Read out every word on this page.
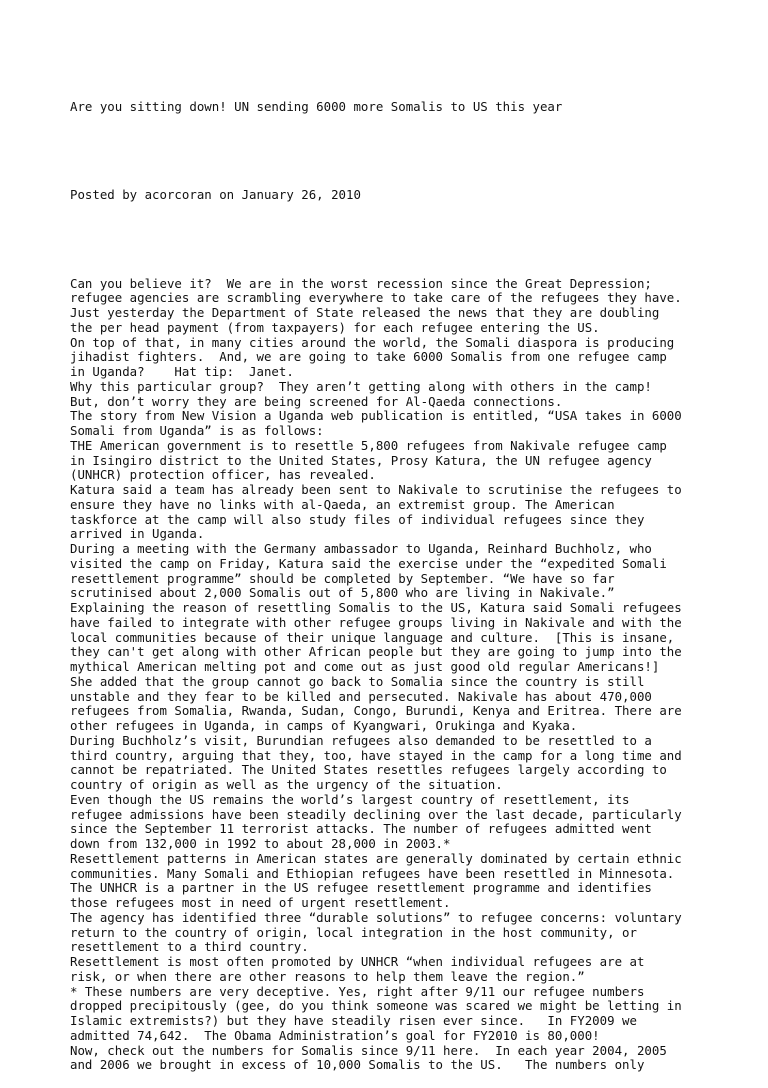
Are you sitting down! UN sending 6000 more Somalis to US this year

Posted by acorcoran on January 26, 2010

Can you believe it?  We are in the worst recession since the Great Depression;
refugee agencies are scrambling everywhere to take care of the refugees they have.
Just yesterday the Department of State released the news that they are doubling
the per head payment (from taxpayers) for each refugee entering the US.
On top of that, in many cities around the world, the Somali diaspora is producing
jihadist fighters.  And, we are going to take 6000 Somalis from one refugee camp
in Uganda?    Hat tip:  Janet.
Why this particular group?  They aren’t getting along with others in the camp!
But, don’t worry they are being screened for Al-Qaeda connections.
The story from New Vision a Uganda web publication is entitled, “USA takes in 6000
Somali from Uganda” is as follows:
THE American government is to resettle 5,800 refugees from Nakivale refugee camp
in Isingiro district to the United States, Prosy Katura, the UN refugee agency
(UNHCR) protection officer, has revealed.
Katura said a team has already been sent to Nakivale to scrutinise the refugees to
ensure they have no links with al-Qaeda, an extremist group. The American
taskforce at the camp will also study files of individual refugees since they
arrived in Uganda.
During a meeting with the Germany ambassador to Uganda, Reinhard Buchholz, who
visited the camp on Friday, Katura said the exercise under the “expedited Somali
resettlement programme” should be completed by September. “We have so far
scrutinised about 2,000 Somalis out of 5,800 who are living in Nakivale.”
Explaining the reason of resettling Somalis to the US, Katura said Somali refugees
have failed to integrate with other refugee groups living in Nakivale and with the
local communities because of their unique language and culture.  [This is insane,
they can't get along with other African people but they are going to jump into the
mythical American melting pot and come out as just good old regular Americans!]
She added that the group cannot go back to Somalia since the country is still
unstable and they fear to be killed and persecuted. Nakivale has about 470,000
refugees from Somalia, Rwanda, Sudan, Congo, Burundi, Kenya and Eritrea. There are
other refugees in Uganda, in camps of Kyangwari, Orukinga and Kyaka.
During Buchholz’s visit, Burundian refugees also demanded to be resettled to a
third country, arguing that they, too, have stayed in the camp for a long time and
cannot be repatriated. The United States resettles refugees largely according to
country of origin as well as the urgency of the situation.
Even though the US remains the world’s largest country of resettlement, its
refugee admissions have been steadily declining over the last decade, particularly
since the September 11 terrorist attacks. The number of refugees admitted went
down from 132,000 in 1992 to about 28,000 in 2003.*
Resettlement patterns in American states are generally dominated by certain ethnic
communities. Many Somali and Ethiopian refugees have been resettled in Minnesota.
The UNHCR is a partner in the US refugee resettlement programme and identifies
those refugees most in need of urgent resettlement.
The agency has identified three “durable solutions” to refugee concerns: voluntary
return to the country of origin, local integration in the host community, or
resettlement to a third country.
Resettlement is most often promoted by UNHCR “when individual refugees are at
risk, or when there are other reasons to help them leave the region.”
* These numbers are very deceptive. Yes, right after 9/11 our refugee numbers
dropped precipitously (gee, do you think someone was scared we might be letting in
Islamic extremists?) but they have steadily risen ever since.   In FY2009 we
admitted 74,642.  The Obama Administration’s goal for FY2010 is 80,000!
Now, check out the numbers for Somalis since 9/11 here.  In each year 2004, 2005
and 2006 we brought in excess of 10,000 Somalis to the US.   The numbers only
